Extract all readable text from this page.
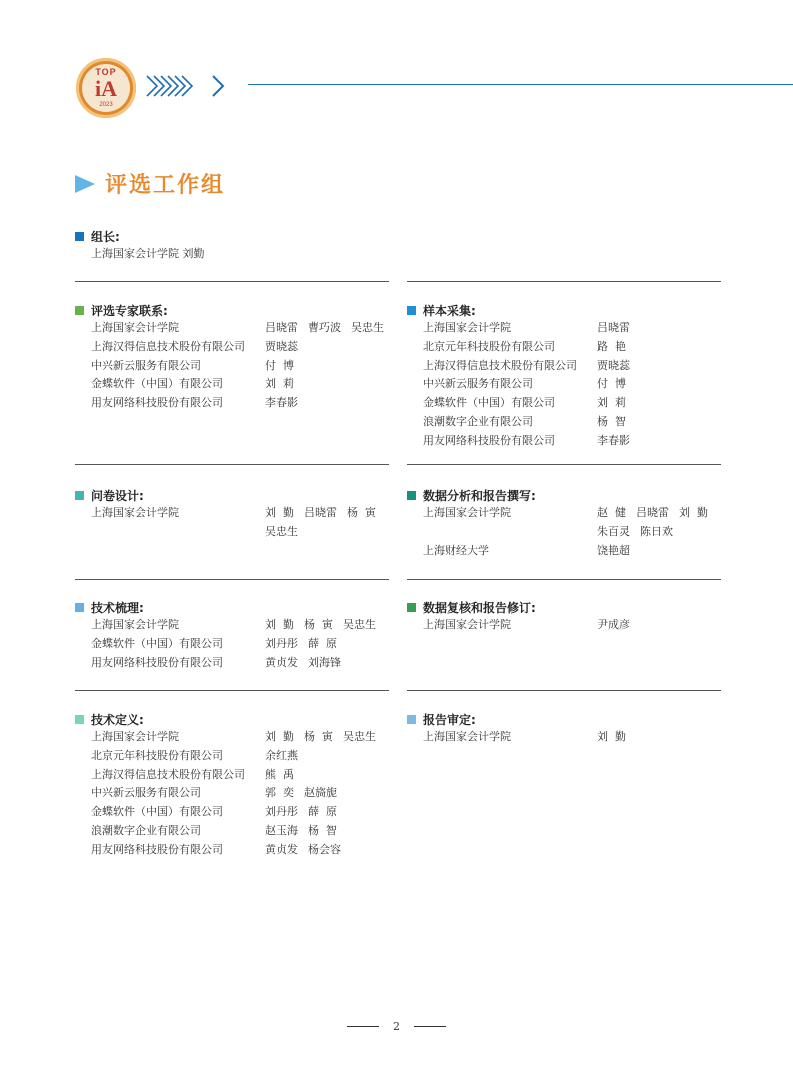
TOP
iA
2023
评选工作组
组长:
上海国家会计学院 刘勤
评选专家联系:
上海国家会计学院	吕晓雷 曹巧波 吴忠生
上海汉得信息技术股份有限公司	贾晓蕊
中兴新云服务有限公司	付  博
金蝶软件（中国）有限公司	刘  莉
用友网络科技股份有限公司	李春影
样本采集:
上海国家会计学院	吕晓雷
北京元年科技股份有限公司	路  艳
上海汉得信息技术股份有限公司	贾晓蕊
中兴新云服务有限公司	付  博
金蝶软件（中国）有限公司	刘  莉
浪潮数字企业有限公司	杨  智
用友网络科技股份有限公司	李春影
问卷设计:
上海国家会计学院	刘  勤 吕晓雷 杨  寅
吴忠生
数据分析和报告撰写:
上海国家会计学院	赵  健 吕晓雷 刘  勤
朱百灵 陈日欢
上海财经大学	饶艳超
技术梳理:
上海国家会计学院	刘  勤 杨  寅 吴忠生
金蝶软件（中国）有限公司	刘丹彤 薛  原
用友网络科技股份有限公司	黄贞发 刘海锋
数据复核和报告修订:
上海国家会计学院	尹成彦
技术定义:
上海国家会计学院	刘  勤 杨  寅 吴忠生
北京元年科技股份有限公司	余红燕
上海汉得信息技术股份有限公司	熊  禹
中兴新云服务有限公司	郭  奕 赵旖旎
金蝶软件（中国）有限公司	刘丹彤 薛  原
浪潮数字企业有限公司	赵玉海 杨  智
用友网络科技股份有限公司	黄贞发 杨会容
报告审定:
上海国家会计学院	刘  勤
2
